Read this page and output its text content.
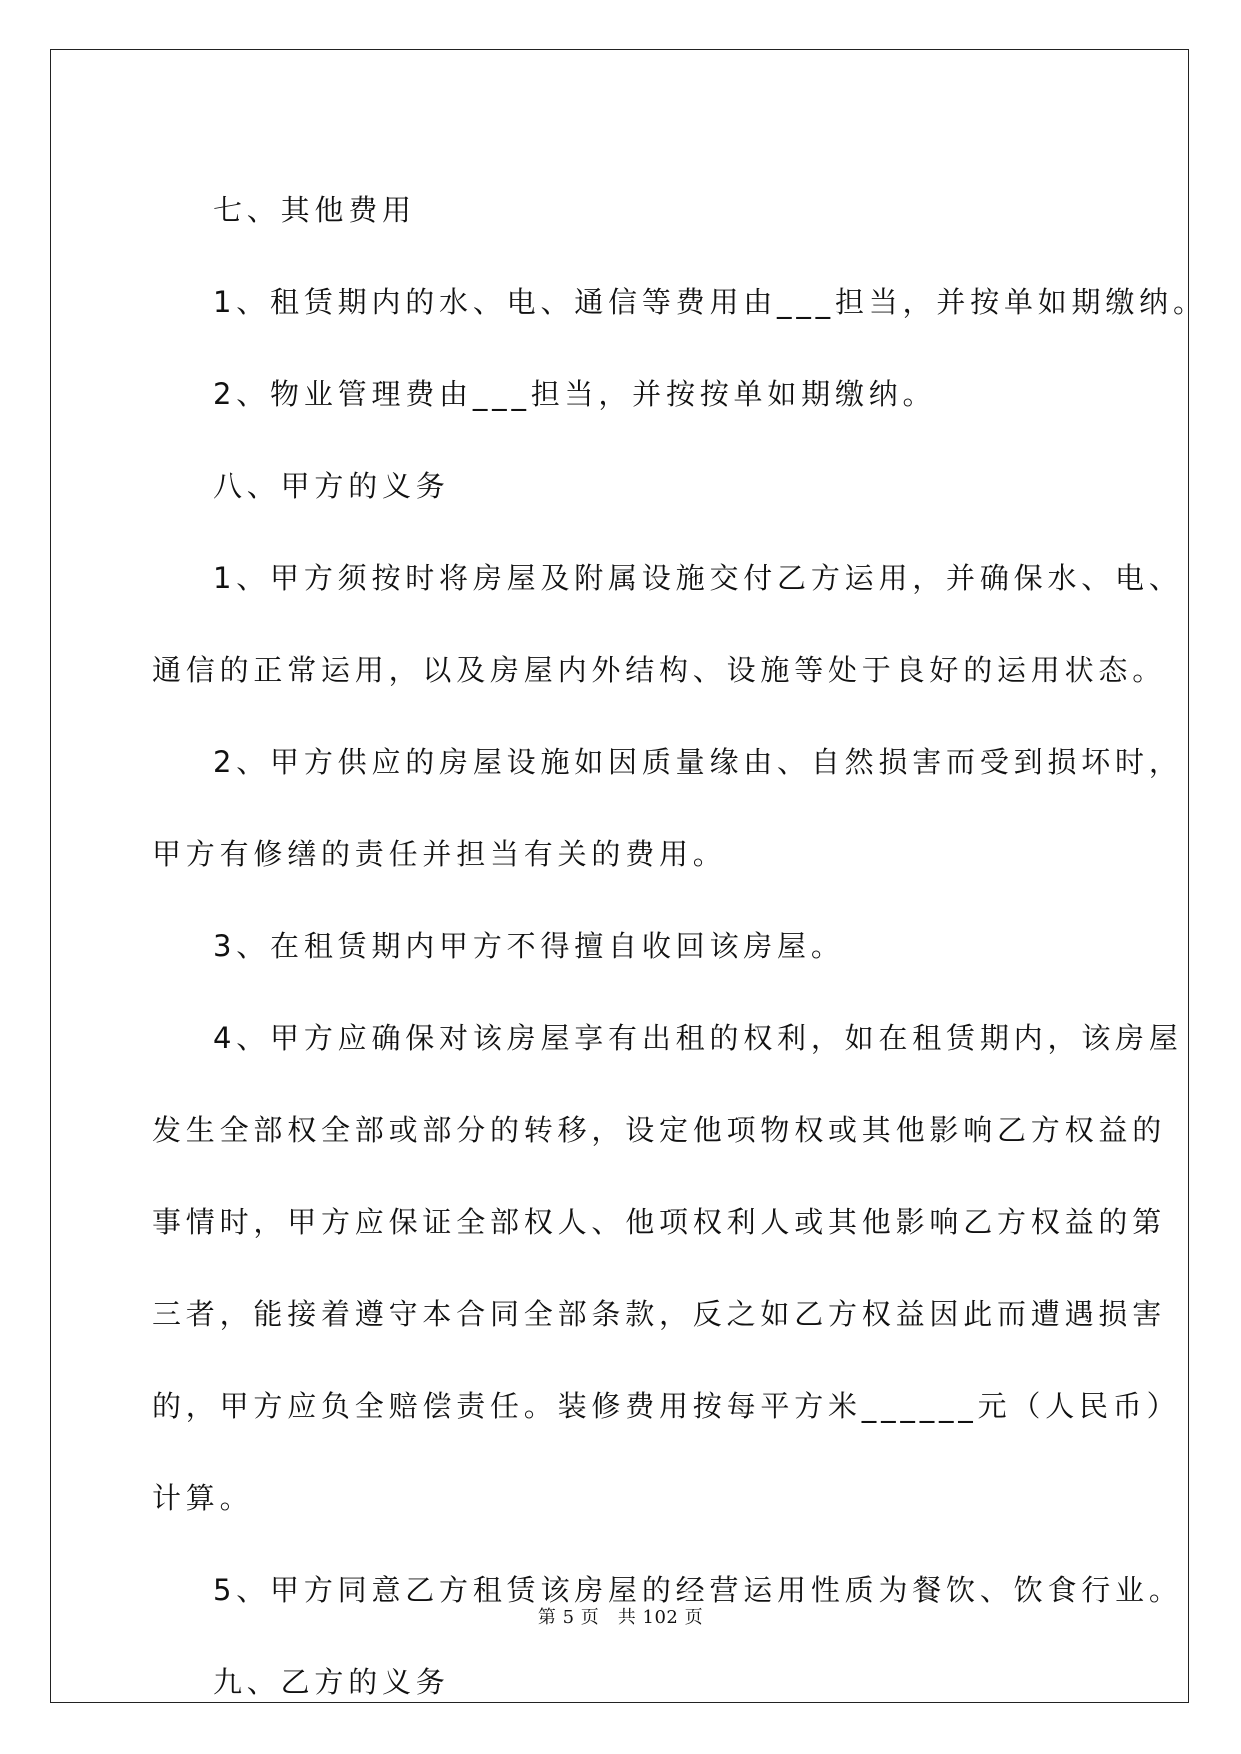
七、其他费用
1、租赁期内的水、电、通信等费用由___担当，并按单如期缴纳。
2、物业管理费由___担当，并按按单如期缴纳。
八、甲方的义务
1、甲方须按时将房屋及附属设施交付乙方运用，并确保水、电、
通信的正常运用，以及房屋内外结构、设施等处于良好的运用状态。
2、甲方供应的房屋设施如因质量缘由、自然损害而受到损坏时，
甲方有修缮的责任并担当有关的费用。
3、在租赁期内甲方不得擅自收回该房屋。
4、甲方应确保对该房屋享有出租的权利，如在租赁期内，该房屋
发生全部权全部或部分的转移，设定他项物权或其他影响乙方权益的
事情时，甲方应保证全部权人、他项权利人或其他影响乙方权益的第
三者，能接着遵守本合同全部条款，反之如乙方权益因此而遭遇损害
的，甲方应负全赔偿责任。装修费用按每平方米______元（人民币）
计算。
5、甲方同意乙方租赁该房屋的经营运用性质为餐饮、饮食行业。
九、乙方的义务
第 5 页　共 102 页
